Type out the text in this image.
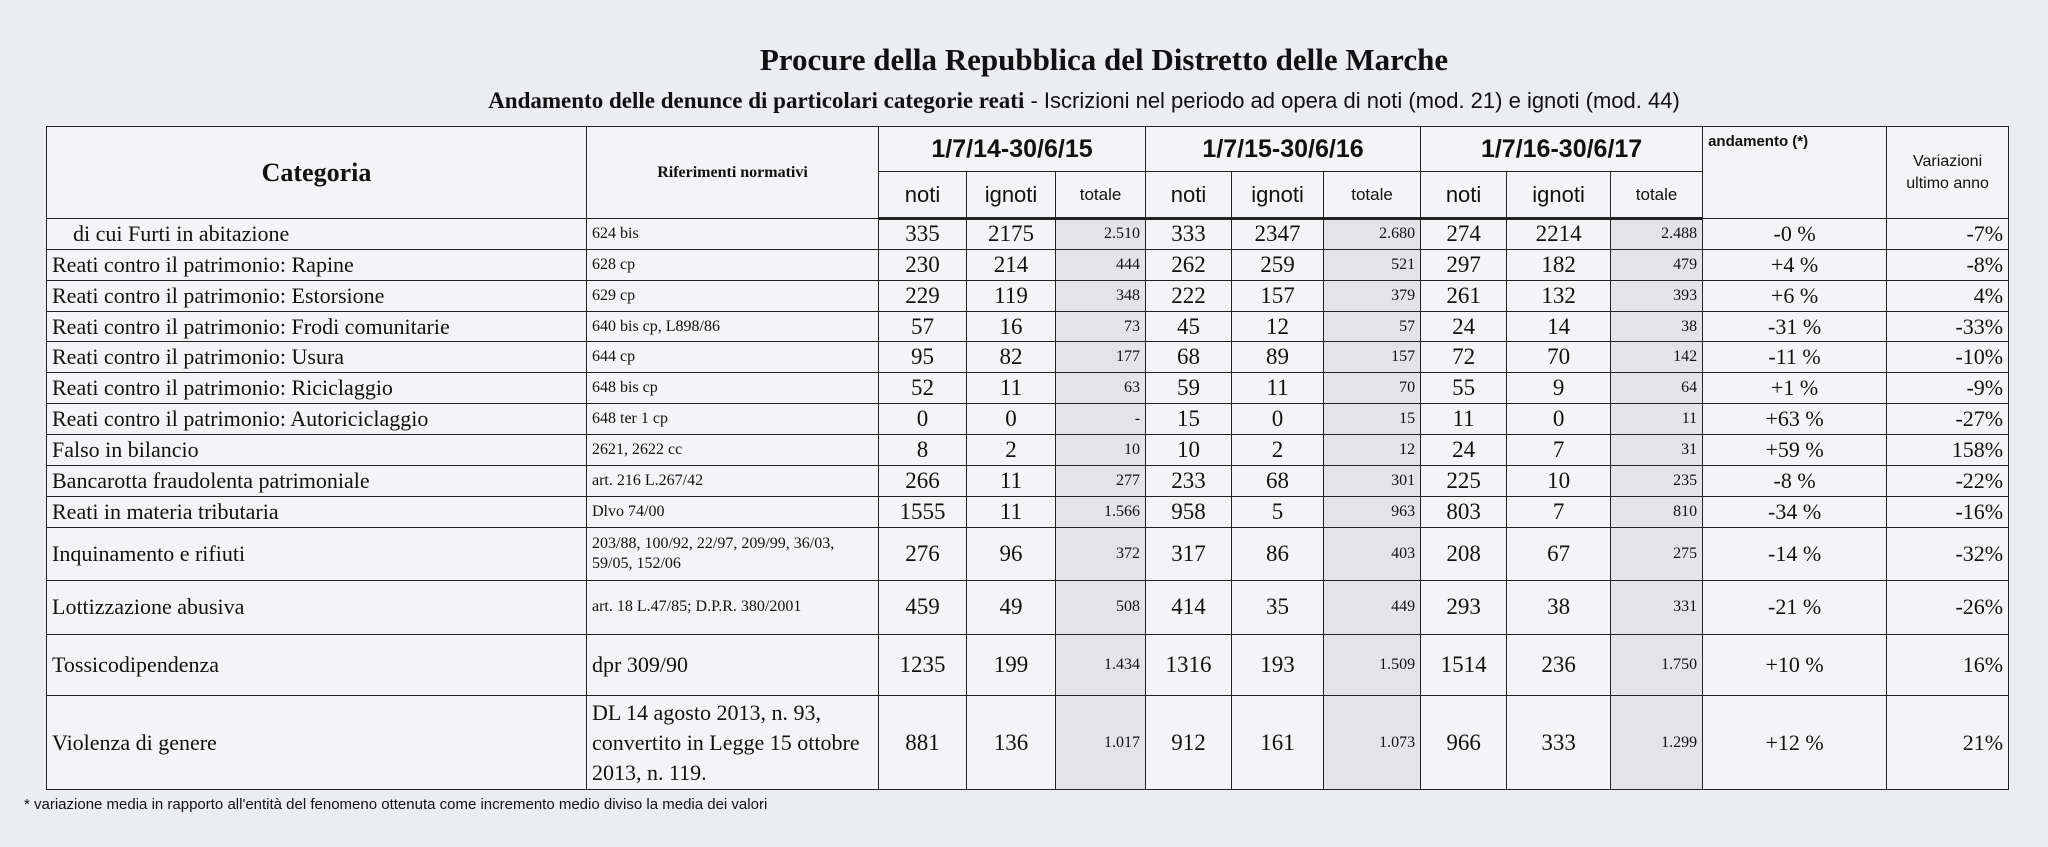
Procure della Repubblica del Distretto delle Marche
Andamento delle denunce di particolari categorie reati - Iscrizioni nel periodo ad opera di noti (mod. 21) e ignoti (mod. 44)
Categoria	Riferimenti normativi	1/7/14-30/6/15			1/7/15-30/6/16			1/7/16-30/6/17			andamento (*)	Variazioni ultimo anno
		noti	ignoti	totale	noti	ignoti	totale	noti	ignoti	totale		
di cui Furti in abitazione	624 bis	335	2175	2.510	333	2347	2.680	274	2214	2.488	-0 %	-7%
Reati contro il patrimonio: Rapine	628 cp	230	214	444	262	259	521	297	182	479	+4 %	-8%
Reati contro il patrimonio: Estorsione	629 cp	229	119	348	222	157	379	261	132	393	+6 %	4%
Reati contro il patrimonio: Frodi comunitarie	640 bis cp, L898/86	57	16	73	45	12	57	24	14	38	-31 %	-33%
Reati contro il patrimonio: Usura	644 cp	95	82	177	68	89	157	72	70	142	-11 %	-10%
Reati contro il patrimonio: Riciclaggio	648 bis cp	52	11	63	59	11	70	55	9	64	+1 %	-9%
Reati contro il patrimonio: Autoriciclaggio	648 ter 1 cp	0	0	-	15	0	15	11	0	11	+63 %	-27%
Falso in bilancio	2621, 2622 cc	8	2	10	10	2	12	24	7	31	+59 %	158%
Bancarotta fraudolenta patrimoniale	art. 216 L.267/42	266	11	277	233	68	301	225	10	235	-8 %	-22%
Reati in materia tributaria	Dlvo 74/00	1555	11	1.566	958	5	963	803	7	810	-34 %	-16%
Inquinamento e rifiuti	203/88, 100/92, 22/97, 209/99, 36/03, 59/05, 152/06	276	96	372	317	86	403	208	67	275	-14 %	-32%
Lottizzazione abusiva	art. 18 L.47/85; D.P.R. 380/2001	459	49	508	414	35	449	293	38	331	-21 %	-26%
Tossicodipendenza	dpr 309/90	1235	199	1.434	1316	193	1.509	1514	236	1.750	+10 %	16%
Violenza di genere	DL 14 agosto 2013, n. 93, convertito in Legge 15 ottobre 2013, n. 119.	881	136	1.017	912	161	1.073	966	333	1.299	+12 %	21%
* variazione media in rapporto all'entità del fenomeno ottenuta come incremento medio diviso la media dei valori
